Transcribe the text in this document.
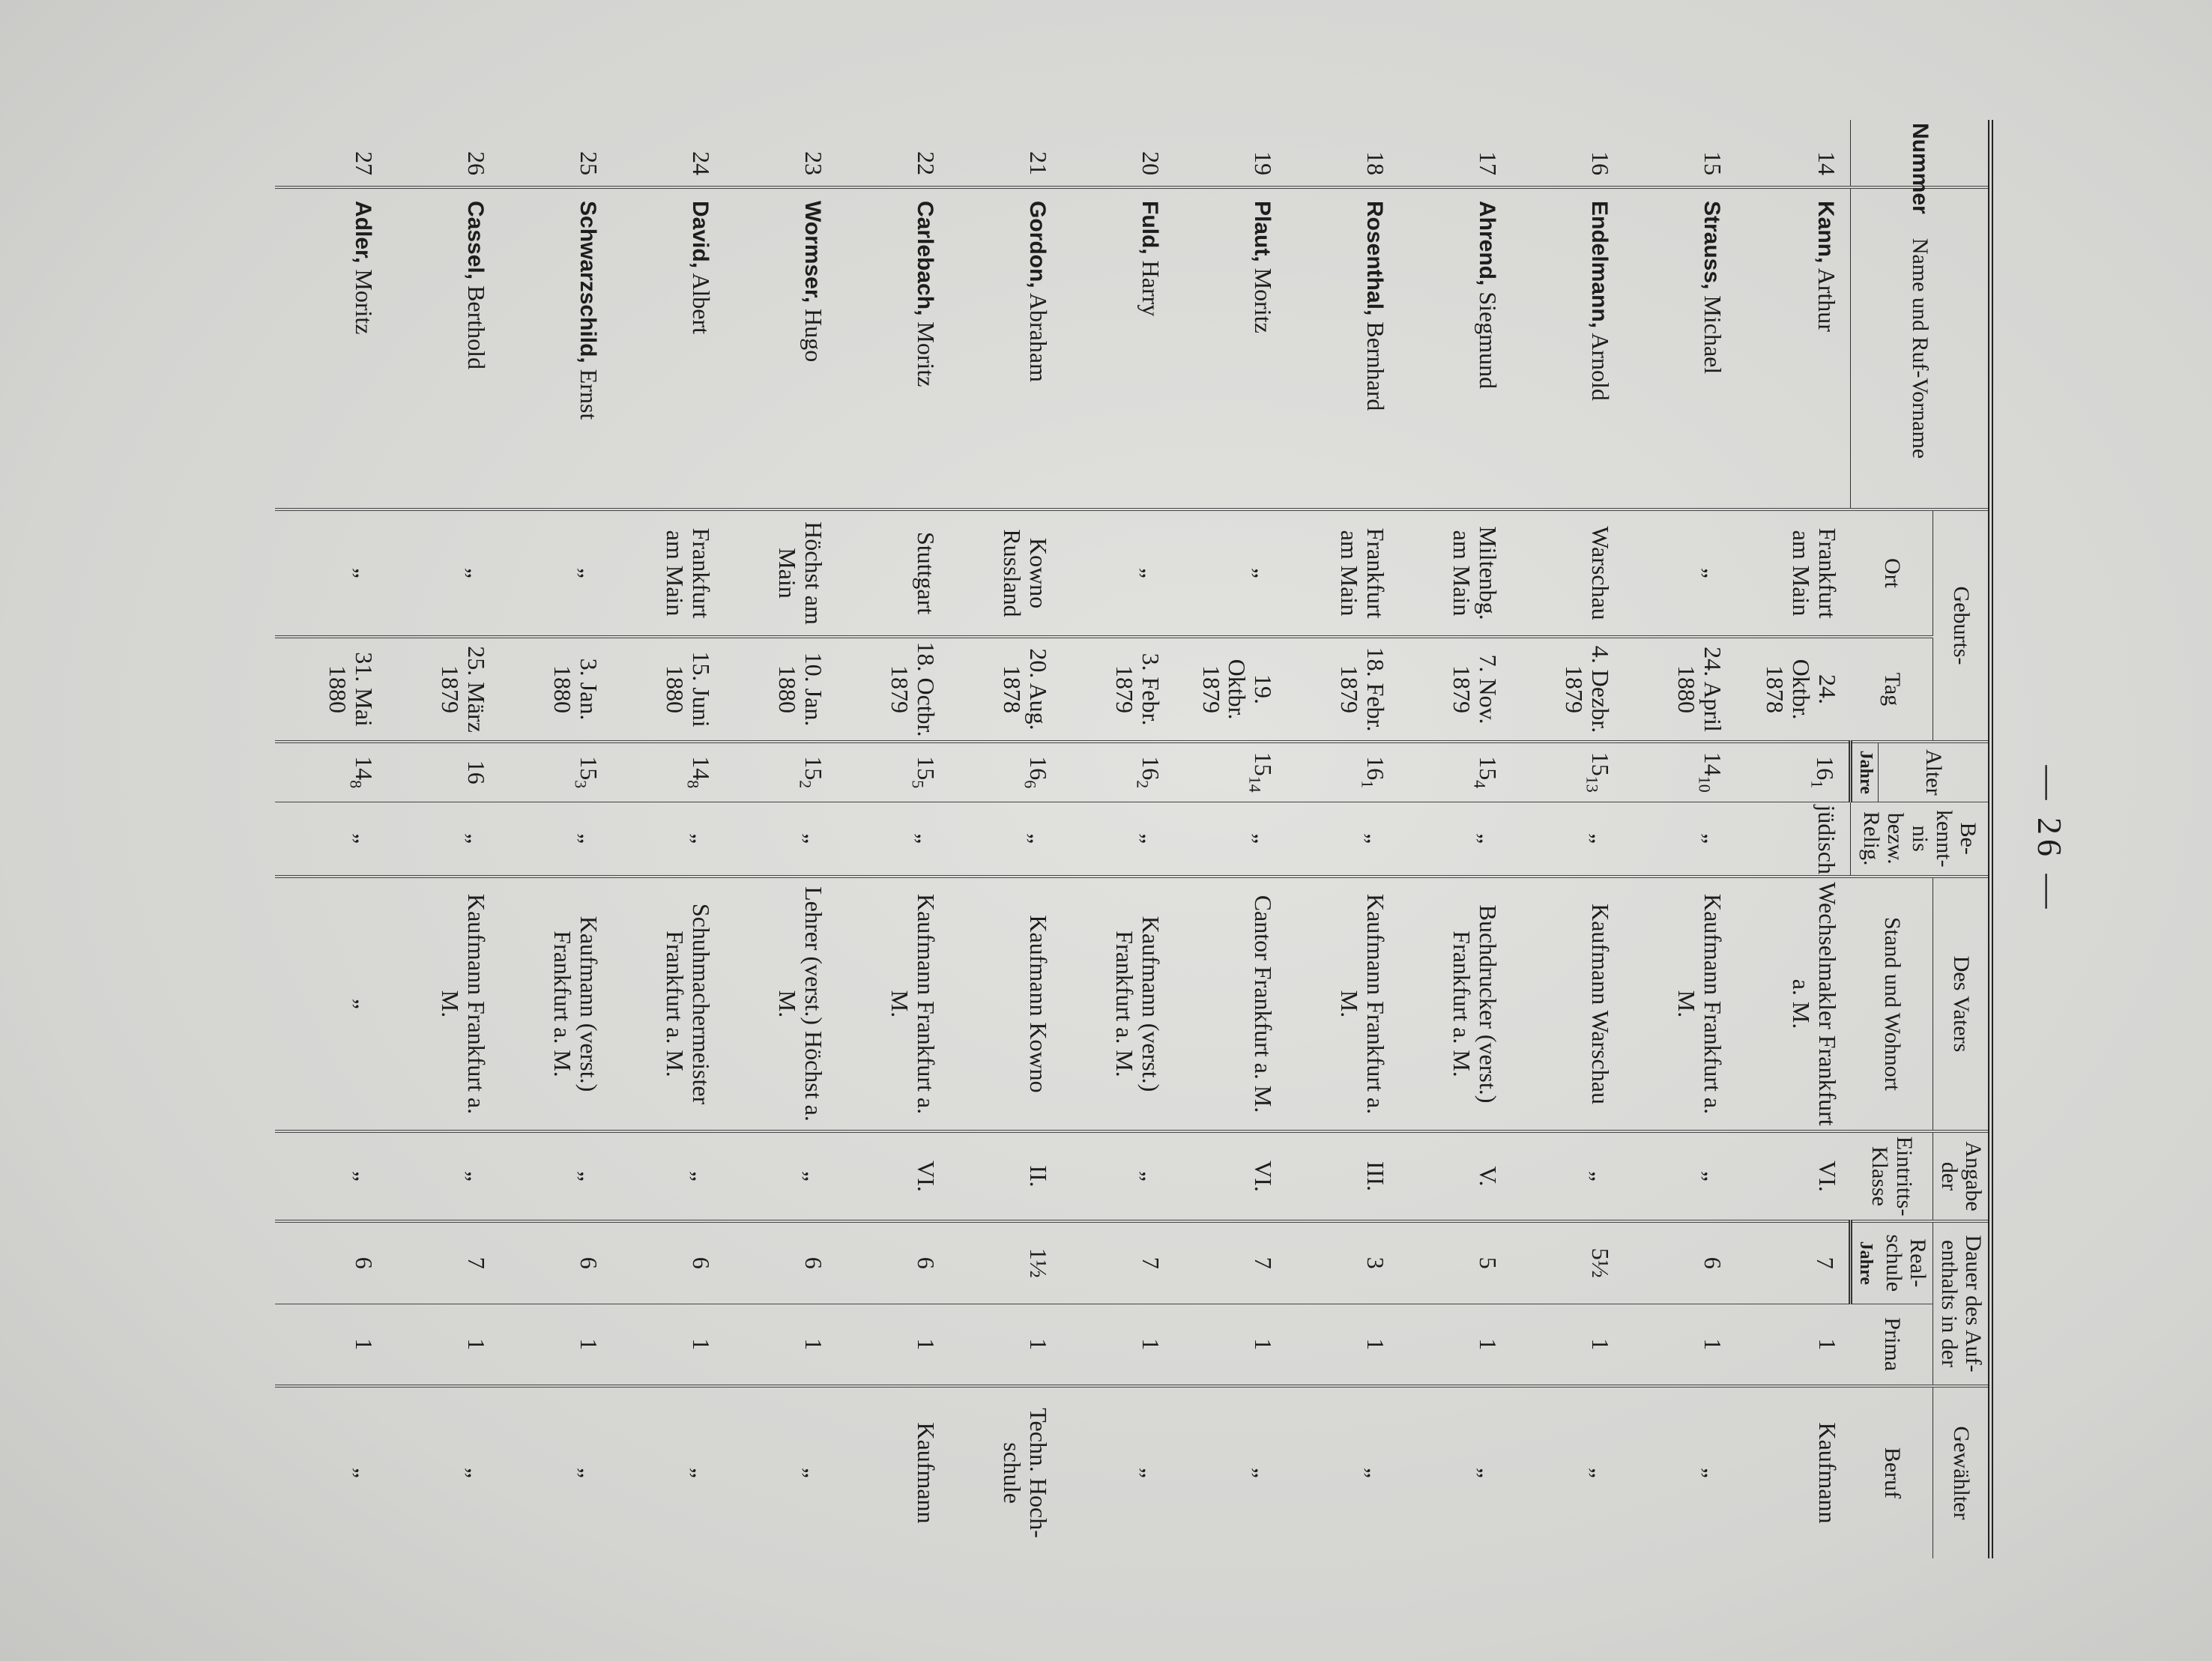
— 26 —
Nummer	Name und Ruf-Vorname	Geburts-		Alter	Be- kennt- nis bezw. Relig.	Des Vaters	Angabe der	Dauer des Auf- enthalts in der		Gewählter
		Ort	Tag			Stand und Wohnort	Eintritts- Klasse	Real- schule	Prima	Beruf
				Jahre				Jahre		
14	Kann, Arthur	Frankfurt am Main	24. Oktbr. 1878	$16_1$	jüdisch	Wechselmakler Frankfurt a. M.	VI.	7	1	Kaufmann
15	Strauss, Michael	„	24. April 1880	$14_{10}$	„	Kaufmann Frankfurt a. M.	„	6	1	„
16	Endelmann, Arnold	Warschau	4. Dezbr. 1879	$15_{13}$	„	Kaufmann Warschau	„	5½	1	„
17	Ahrend, Siegmund	Miltenbg. am Main	7. Nov. 1879	$15_4$	„	Buchdrucker (verst.) Frankfurt a. M.	V.	5	1	„
18	Rosenthal, Bernhard	Frankfurt am Main	18. Febr. 1879	$16_1$	„	Kaufmann Frankfurt a. M.	III.	3	1	„
19	Plaut, Moritz	„	19. Oktbr. 1879	$15_{14}$	„	Cantor Frankfurt a. M.	VI.	7	1	„
20	Fuld, Harry	„	3. Febr. 1879	$16_2$	„	Kaufmann (verst.) Frankfurt a. M.	„	7	1	„
21	Gordon, Abraham	Kowno Russland	20. Aug. 1878	$16_6$	„	Kaufmann Kowno	II.	1½	1	Techn. Hoch- schule
22	Carlebach, Moritz	Stuttgart	18. Octbr. 1879	$15_5$	„	Kaufmann Frankfurt a. M.	VI.	6	1	Kaufmann
23	Wormser, Hugo	Höchst am Main	10. Jan. 1880	$15_2$	„	Lehrer (verst.) Höchst a. M.	„	6	1	„
24	David, Albert	Frankfurt am Main	15. Juni 1880	$14_8$	„	Schuhmachermeister Frankfurt a. M.	„	6	1	„
25	Schwarzschild, Ernst	„	3. Jan. 1880	$15_3$	„	Kaufmann (verst.) Frankfurt a. M.	„	6	1	„
26	Cassel, Berthold	„	25. März 1879	16	„	Kaufmann Frankfurt a. M.	„	7	1	„
27	Adler, Moritz	„	31. Mai 1880	$14_8$	„	„	„	6	1	„
